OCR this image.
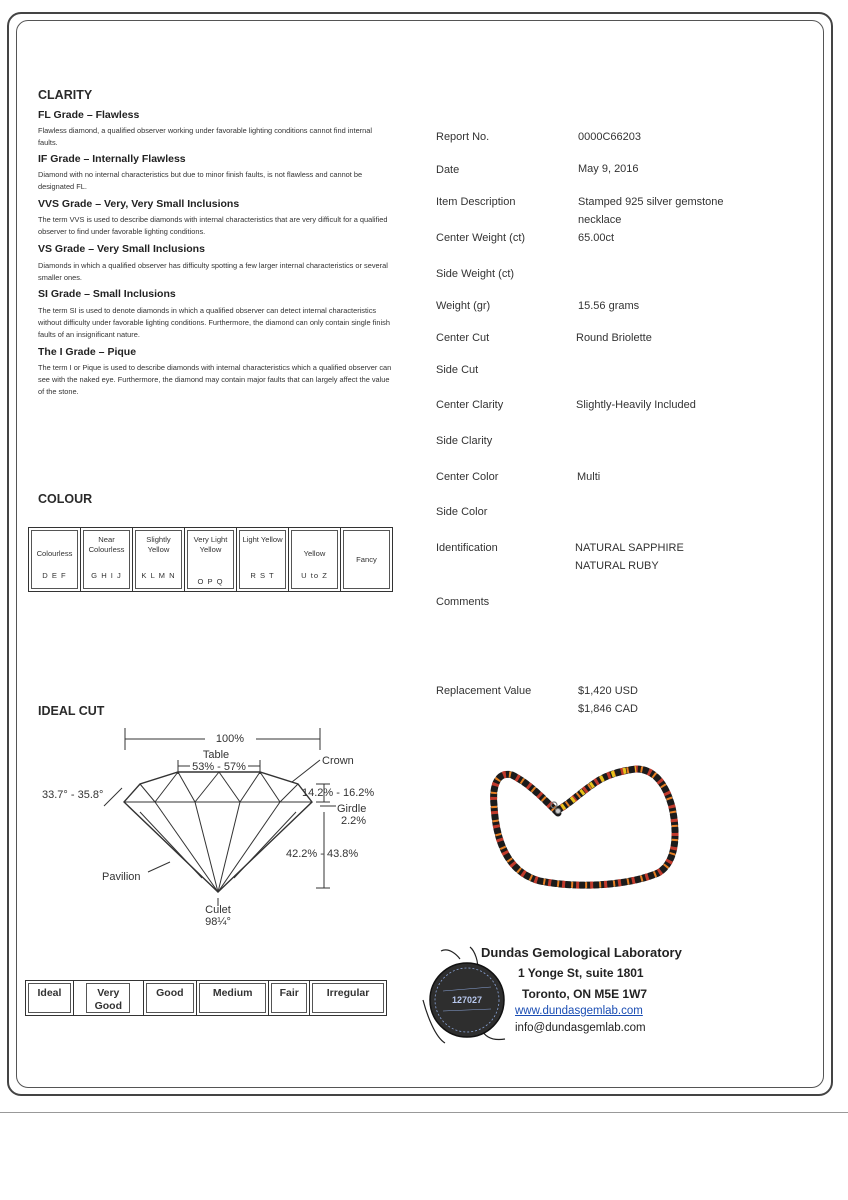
CLARITY
FL Grade – Flawless
Flawless diamond, a qualified observer working under favorable lighting conditions cannot find internal faults.
IF Grade – Internally Flawless
Diamond with no internal characteristics but due to minor finish faults, is not flawless and cannot be designated FL.
VVS Grade – Very, Very Small Inclusions
The term VVS is used to describe diamonds with internal characteristics that are very difficult for a qualified observer to find under favorable lighting conditions.
VS Grade – Very Small Inclusions
Diamonds in which a qualified observer has difficulty spotting a few larger internal characteristics or several smaller ones.
SI Grade – Small Inclusions
The term SI is used to denote diamonds in which a qualified observer can detect internal characteristics without difficulty under favorable lighting conditions. Furthermore, the diamond can only contain single finish faults of an insignificant nature.
The I Grade – Pique
The term I or Pique is used to describe diamonds with internal characteristics which a qualified observer can see with the naked eye. Furthermore, the diamond may contain major faults that can largely affect the value of the stone.
COLOUR
Colourless
D E F

Near Colourless
G H I J

Slightly Yellow
K L M N

Very Light Yellow
O P Q

Light Yellow
R S T

Yellow
U to Z

Fancy
IDEAL CUT
100%
Table
53% - 57%	Crown
33.7° - 35.8°	14.2% - 16.2%
Girdle
2.2%
42.2% - 43.8%
Pavilion
Culet
98¼°
Ideal	Very Good

Good	Medium	Fair	Irregular
Report No.	0000C66203
Date	May 9, 2016
Item Description	Stamped 925 silver gemstone necklace
Center Weight (ct)	65.00ct
Side Weight (ct)
Weight (gr)	15.56 grams
Center Cut	Round Briolette
Side Cut
Center Clarity	Slightly-Heavily Included
Side Clarity
Center Color	Multi
Side Color
Identification	NATURAL SAPPHIRE
NATURAL RUBY
Comments
Replacement Value	$1,420 USD
$1,846 CAD
127027
Dundas Gemological Laboratory
1 Yonge St, suite 1801
Toronto, ON M5E 1W7
www.dundasgemlab.com
info@dundasgemlab.com
